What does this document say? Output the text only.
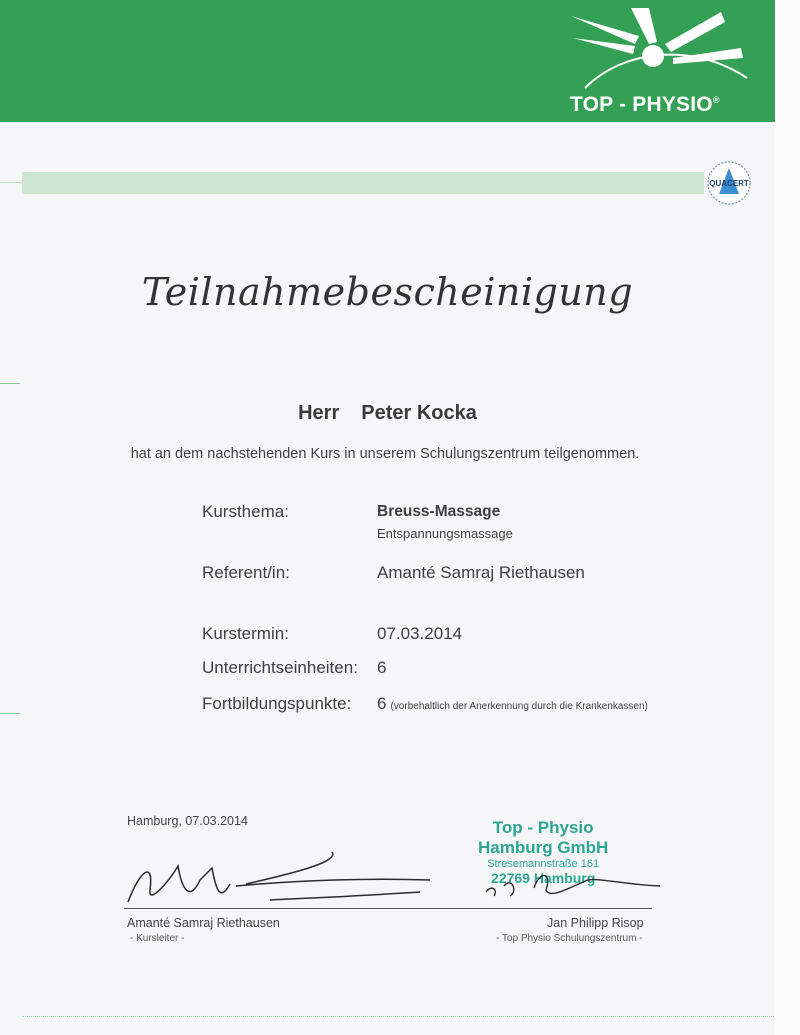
TOP - PHYSIO®
QUACERT
Teilnahmebescheinigung
Herr Peter Kocka
hat an dem nachstehenden Kurs in unserem Schulungszentrum teilgenommen.
Kursthema:	Breuss-Massage
Entspannungsmassage
Referent/in:	Amanté Samraj Riethausen
Kurstermin:	07.03.2014
Unterrichtseinheiten: 6
Fortbildungspunkte: 6 (vorbehaltlich der Anerkennung durch die Krankenkassen)
Hamburg, 07.03.2014	Top - Physio
Hamburg GmbH
Stresemannstraße 161
22769 Hamburg
Amanté Samraj Riethausen
- Kursleiter -
Jan Philipp Risop
- Top Physio Schulungszentrum -
